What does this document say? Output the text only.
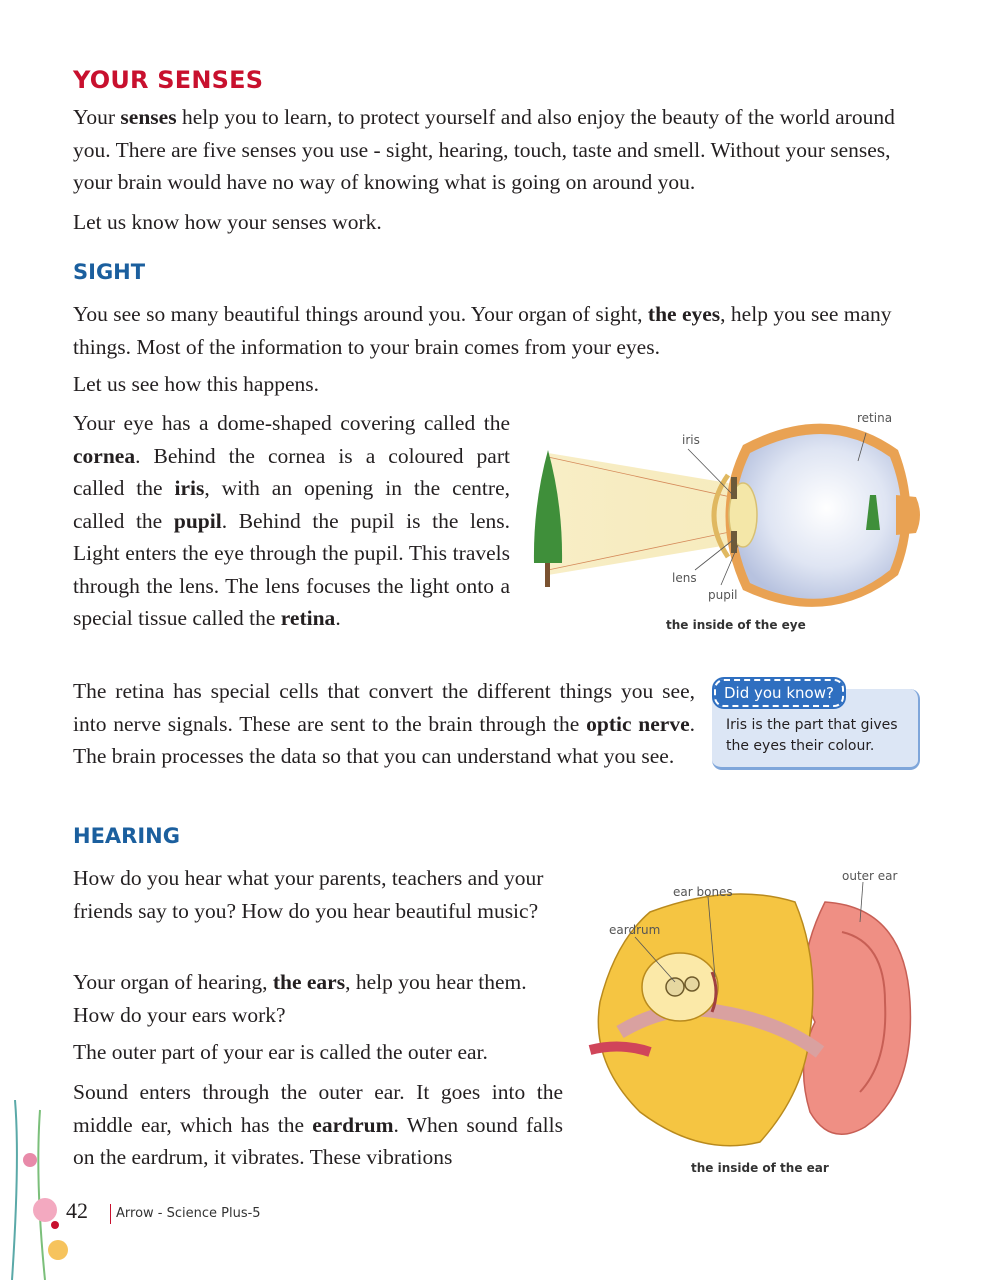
YOUR SENSES

Your senses help you to learn, to protect yourself and also enjoy the beauty of the world around you. There are five senses you use - sight, hearing, touch, taste and smell. Without your senses, your brain would have no way of knowing what is going on around you.

Let us know how your senses work.

SIGHT

You see so many beautiful things around you. Your organ of sight, the eyes, help you see many things. Most of the information to your brain comes from your eyes.

Let us see how this happens.

Your eye has a dome-shaped covering called the cornea. Behind the cornea is a coloured part called the iris, with an opening in the centre, called the pupil. Behind the pupil is the lens. Light enters the eye through the pupil. This travels through the lens. The lens focuses the light onto a special tissue called the retina.

retina
iris
lens
pupil
the inside of the eye

The retina has special cells that convert the different things you see, into nerve signals. These are sent to the brain through the optic nerve. The brain processes the data so that you can understand what you see.

Did you know?
Iris is the part that gives the eyes their colour.
HEARING

How do you hear what your parents, teachers and your friends say to you? How do you hear beautiful music?

Your organ of hearing, the ears, help you hear them. How do your ears work?

The outer part of your ear is called the outer ear.

Sound enters through the outer ear. It goes into the middle ear, which has the eardrum. When sound falls on the eardrum, it vibrates. These vibrations

outer ear
ear bones
eardrum
the inside of the ear
42 Arrow - Science Plus-5
